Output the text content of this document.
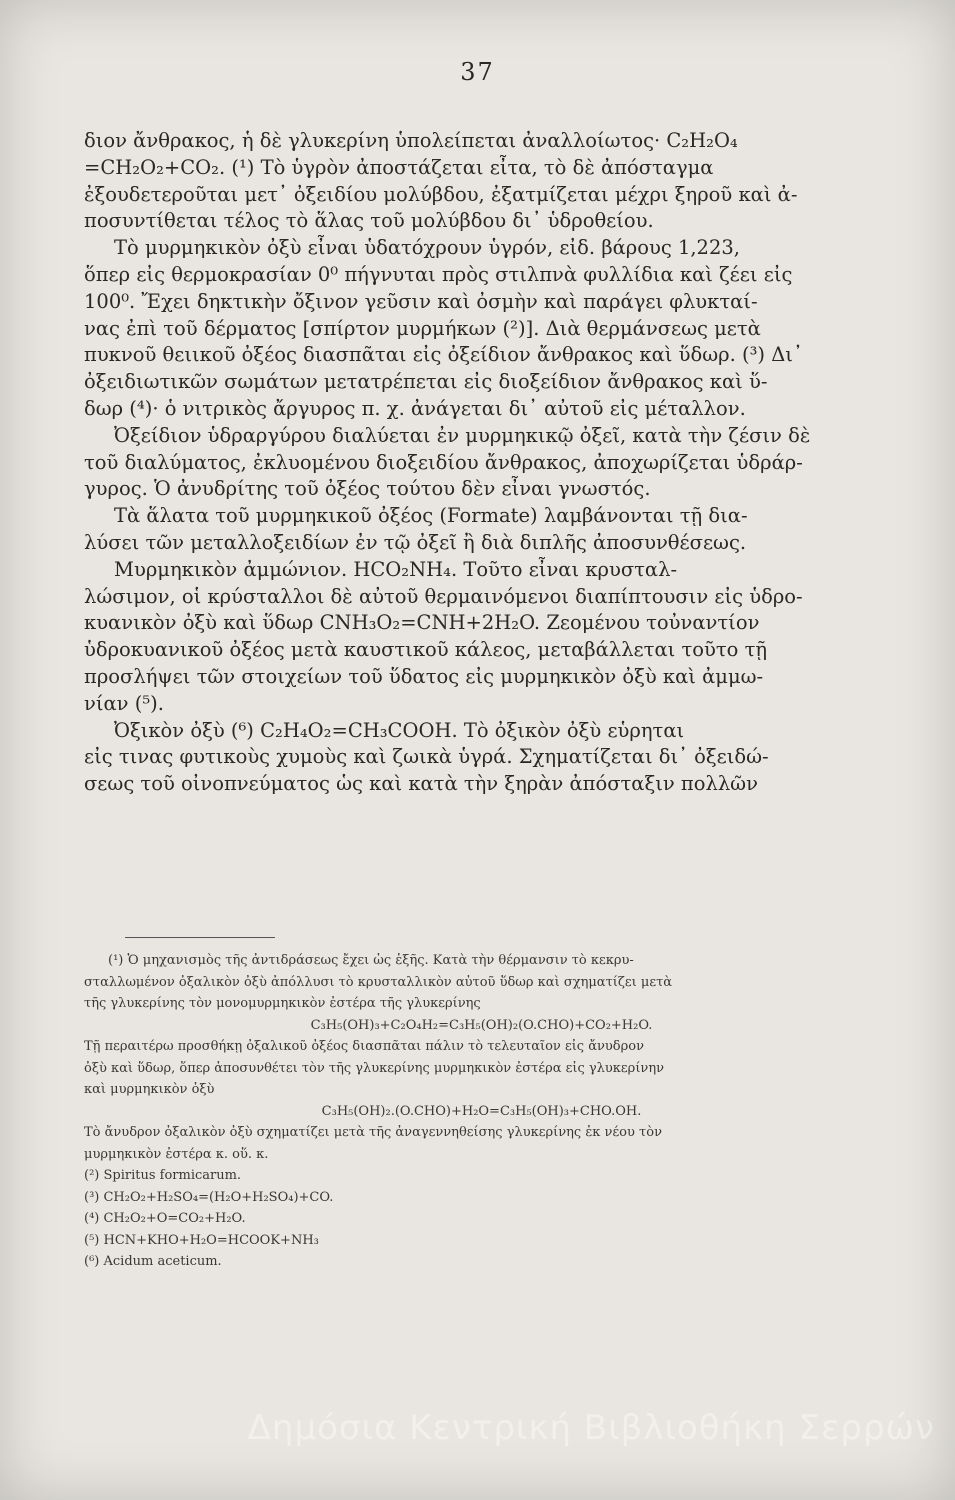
37
διον ἄνθρακος, ἡ δὲ γλυκερίνη ὑπολείπεται ἀναλλοίωτος· C₂H₂O₄
=CH₂O₂+CO₂. (¹) Τὸ ὑγρὸν ἀποστάζεται εἶτα, τὸ δὲ ἀπόσταγμα
ἐξουδετεροῦται μετ᾽ ὀξειδίου μολύβδου, ἐξατμίζεται μέχρι ξηροῦ καὶ ἀ-
ποσυντίθεται τέλος τὸ ἅλας τοῦ μολύβδου δι᾽ ὑδροθείου.
Τὸ μυρμηκικὸν ὀξὺ εἶναι ὑδατόχρουν ὑγρόν, εἰδ. βάρους 1,223,
ὅπερ εἰς θερμοκρασίαν 0⁰ πήγνυται πρὸς στιλπνὰ φυλλίδια καὶ ζέει εἰς
100⁰. Ἔχει δηκτικὴν ὄξινον γεῦσιν καὶ ὀσμὴν καὶ παράγει φλυκταί-
νας ἐπὶ τοῦ δέρματος [σπίρτον μυρμήκων (²)]. Διὰ θερμάνσεως μετὰ
πυκνοῦ θειικοῦ ὀξέος διασπᾶται εἰς ὀξείδιον ἄνθρακος καὶ ὕδωρ. (³) Δι᾽
ὀξειδιωτικῶν σωμάτων μετατρέπεται εἰς διοξείδιον ἄνθρακος καὶ ὕ-
δωρ (⁴)· ὁ νιτρικὸς ἄργυρος π. χ. ἀνάγεται δι᾽ αὐτοῦ εἰς μέταλλον.
Ὀξείδιον ὑδραργύρου διαλύεται ἐν μυρμηκικῷ ὀξεῖ, κατὰ τὴν ζέσιν δὲ
τοῦ διαλύματος, ἐκλυομένου διοξειδίου ἄνθρακος, ἀποχωρίζεται ὑδράρ-
γυρος. Ὁ ἀνυδρίτης τοῦ ὀξέος τούτου δὲν εἶναι γνωστός.
Τὰ ἅλατα τοῦ μυρμηκικοῦ ὀξέος (Formate) λαμβάνονται τῇ δια-
λύσει τῶν μεταλλοξειδίων ἐν τῷ ὀξεῖ ἢ διὰ διπλῆς ἀποσυνθέσεως.
Μυρμηκικὸν ἀμμώνιον. HCO₂NH₄. Τοῦτο εἶναι κρυσταλ-
λώσιμον, οἱ κρύσταλλοι δὲ αὐτοῦ θερμαινόμενοι διαπίπτουσιν εἰς ὑδρο-
κυανικὸν ὀξὺ καὶ ὕδωρ CNH₃O₂=CNH+2H₂O. Ζεομένου τοὐναντίον
ὑδροκυανικοῦ ὀξέος μετὰ καυστικοῦ κάλεος, μεταβάλλεται τοῦτο τῇ
προσλήψει τῶν στοιχείων τοῦ ὕδατος εἰς μυρμηκικὸν ὀξὺ καὶ ἀμμω-
νίαν (⁵).
Ὀξικὸν ὀξὺ (⁶) C₂H₄O₂=CH₃COOH. Τὸ ὀξικὸν ὀξὺ εὑρηται
εἰς τινας φυτικοὺς χυμοὺς καὶ ζωικὰ ὑγρά. Σχηματίζεται δι᾽ ὀξειδώ-
σεως τοῦ οἰνοπνεύματος ὡς καὶ κατὰ τὴν ξηρὰν ἀπόσταξιν πολλῶν
(¹) Ὁ μηχανισμὸς τῆς ἀντιδράσεως ἔχει ὡς ἑξῆς. Κατὰ τὴν θέρμανσιν τὸ κεκρυ-
σταλλωμένον ὀξαλικὸν ὀξὺ ἀπόλλυσι τὸ κρυσταλλικὸν αὐτοῦ ὕδωρ καὶ σχηματίζει μετὰ
τῆς γλυκερίνης τὸν μονομυρμηκικὸν ἐστέρα τῆς γλυκερίνης
C₃H₅(OH)₃+C₂O₄H₂=C₃H₅(OH)₂(O.CHO)+CO₂+H₂O.
Τῇ περαιτέρω προσθήκῃ ὀξαλικοῦ ὀξέος διασπᾶται πάλιν τὸ τελευταῖον εἰς ἄνυδρον
ὀξὺ καὶ ὕδωρ, ὅπερ ἀποσυνθέτει τὸν τῆς γλυκερίνης μυρμηκικὸν ἐστέρα εἰς γλυκερίνην
καὶ μυρμηκικὸν ὀξὺ
C₃H₅(OH)₂.(O.CHO)+H₂O=C₃H₅(OH)₃+CHO.OH.
Τὸ ἄνυδρον ὀξαλικὸν ὀξὺ σχηματίζει μετὰ τῆς ἀναγεννηθείσης γλυκερίνης ἐκ νέου τὸν
μυρμηκικὸν ἐστέρα κ. οὕ. κ.
(²) Spiritus formicarum.
(³) CH₂O₂+H₂SO₄=(H₂O+H₂SO₄)+CO.
(⁴) CH₂O₂+O=CO₂+H₂O.
(⁵) HCN+KHO+H₂O=HCOOK+NH₃
(⁶) Acidum aceticum.
Δημόσια Κεντρική Βιβλιοθήκη Σερρών
